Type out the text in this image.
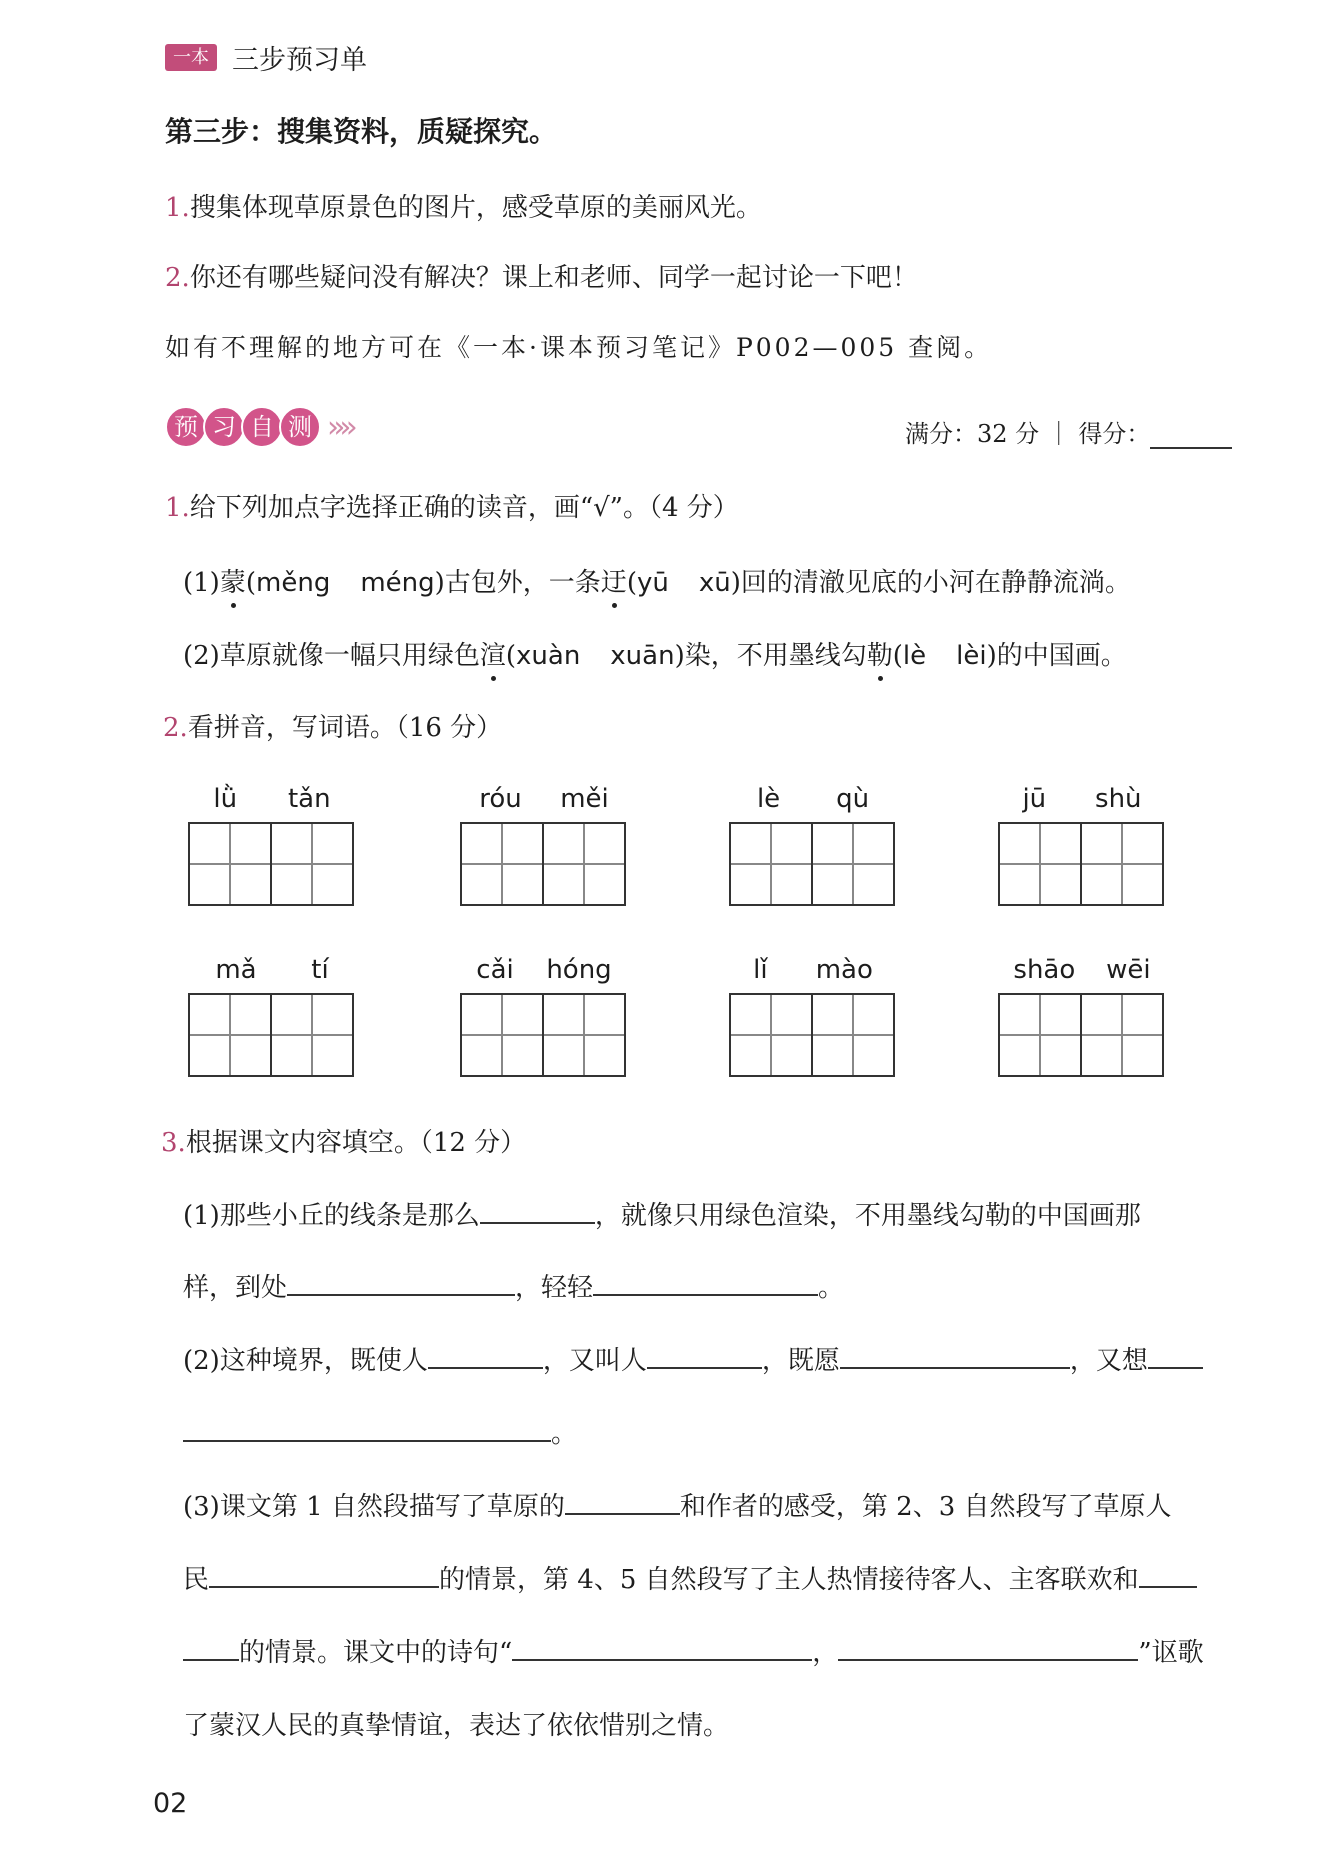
一本 三步预习单
第三步：搜集资料，质疑探究。
1.搜集体现草原景色的图片，感受草原的美丽风光。
2.你还有哪些疑问没有解决？课上和老师、同学一起讨论一下吧！
如有不理解的地方可在《一本·课本预习笔记》P002—005 查阅。
预 习 自 测 »»	满分：32 分 ｜ 得分：
1.给下列加点字选择正确的读音，画“√”。（4 分）
(1)蒙(měng méng)古包外，一条迂(yū xū)回的清澈见底的小河在静静流淌。
(2)草原就像一幅只用绿色渲(xuàn xuān)染，不用墨线勾勒(lè lèi)的中国画。
2.看拼音，写词语。（16 分）
lǜ tǎn	róu měi	lè qù	jū shù
mǎ tí	cǎi hóng	lǐ mào	shāo wēi
3.根据课文内容填空。（12 分）
(1)那些小丘的线条是那么	，就像只用绿色渲染，不用墨线勾勒的中国画那
样，到处	，轻轻	。
(2)这种境界，既使人	，又叫人	，既愿	，又想
。
(3)课文第 1 自然段描写了草原的	和作者的感受，第 2、3 自然段写了草原人
民	的情景，第 4、5 自然段写了主人热情接待客人、主客联欢和
的情景。课文中的诗句“	，	”讴歌
了蒙汉人民的真挚情谊，表达了依依惜别之情。
02
